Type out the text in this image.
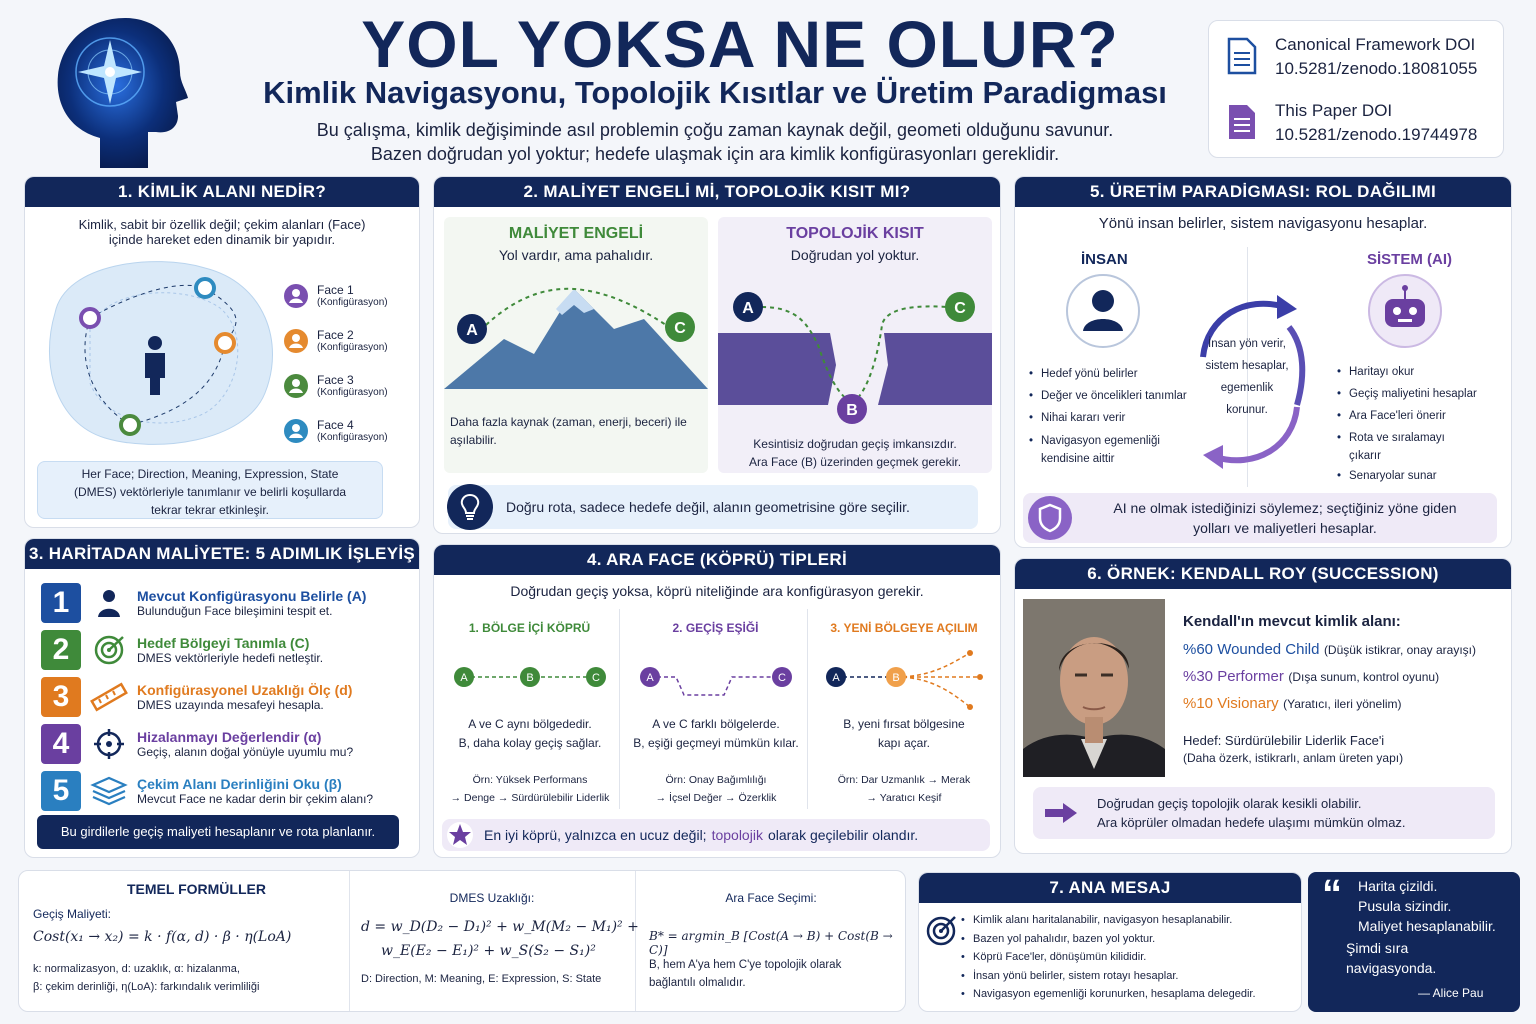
YOL YOKSA NE OLUR?
Kimlik Navigasyonu, Topolojik Kısıtlar ve Üretim Paradigması
Bu çalışma, kimlik değişiminde asıl problemin çoğu zaman kaynak değil, geometi olduğunu savunur.
Bazen doğrudan yol yoktur; hedefe ulaşmak için ara kimlik konfigürasyonları gereklidir.
Canonical Framework DOI
10.5281/zenodo.18081055
This Paper DOI
10.5281/zenodo.19744978
1. KİMLİK ALANI NEDİR?
Kimlik, sabit bir özellik değil; çekim alanları (Face)
içinde hareket eden dinamik bir yapıdır.
Face 1
(Konfigürasyon)
Face 2
(Konfigürasyon)
Face 3
(Konfigürasyon)
Face 4
(Konfigürasyon)
Her Face; Direction, Meaning, Expression, State
(DMES) vektörleriyle tanımlanır ve belirli koşullarda
tekrar tekrar etkinleşir.
2. MALİYET ENGELİ Mİ, TOPOLOJİK KISIT MI?
MALİYET ENGELİ
Yol vardır, ama pahalıdır.
A	C
Daha fazla kaynak (zaman, enerji, beceri) ile
aşılabilir.
TOPOLOJİK KISIT
Doğrudan yol yoktur.
A	C
B
Kesintisiz doğrudan geçiş imkansızdır.
Ara Face (B) üzerinden geçmek gerekir.
Doğru rota, sadece hedefe değil, alanın geometrisine göre seçilir.
3. HARİTADAN MALİYETE: 5 ADIMLIK İŞLEYİŞ
1	Mevcut Konfigürasyonu Belirle (A)
Bulunduğun Face bileşimini tespit et.
2	Hedef Bölgeyi Tanımla (C)
DMES vektörleriyle hedefi netleştir.
3	Konfigürasyonel Uzaklığı Ölç (d)
DMES uzayında mesafeyi hesapla.
4	Hizalanmayı Değerlendir (α)
Geçiş, alanın doğal yönüyle uyumlu mu?
5	Çekim Alanı Derinliğini Oku (β)
Mevcut Face ne kadar derin bir çekim alanı?
Bu girdilerle geçiş maliyeti hesaplanır ve rota planlanır.
4. ARA FACE (KÖPRÜ) TİPLERİ
Doğrudan geçiş yoksa, köprü niteliğinde ara konfigürasyon gerekir.
1. BÖLGE İÇİ KÖPRÜ
A	B	C
A ve C aynı bölgededir.
B, daha kolay geçiş sağlar.
Örn: Yüksek Performans
→ Denge → Sürdürülebilir Liderlik
2. GEÇİŞ EŞİĞİ
A	C
A ve C farklı bölgelerde.
B, eşiği geçmeyi mümkün kılar.
Örn: Onay Bağımlılığı
→ İçsel Değer → Özerklik
3. YENİ BÖLGEYE AÇILIM
A	B
B, yeni fırsat bölgesine
kapı açar.
Örn: Dar Uzmanlık → Merak
→ Yaratıcı Keşif
En iyi köprü, yalnızca en ucuz değil; topolojik olarak geçilebilir olandır.
5. ÜRETİM PARADİGMASI: ROL DAĞILIMI
Yönü insan belirler, sistem navigasyonu hesaplar.
İNSAN	SİSTEM (AI)
• Hedef yönü belirler
• Değer ve öncelikleri tanımlar
• Nihai kararı verir
• Navigasyon egemenliği kendisine aittir
İnsan yön verir,
sistem hesaplar,
egemenlik
korunur.
• Haritayı okur
• Geçiş maliyetini hesaplar
• Ara Face'leri önerir
• Rota ve sıralamayı çıkarır
• Senaryolar sunar
AI ne olmak istediğinizi söylemez; seçtiğiniz yöne giden
yolları ve maliyetleri hesaplar.
6. ÖRNEK: KENDALL ROY (SUCCESSION)
Kendall'ın mevcut kimlik alanı:
%60 Wounded Child (Düşük istikrar, onay arayışı)
%30 Performer (Dışa sunum, kontrol oyunu)
%10 Visionary (Yaratıcı, ileri yönelim)
Hedef: Sürdürülebilir Liderlik Face'i
(Daha özerk, istikrarlı, anlam üreten yapı)
Doğrudan geçiş topolojik olarak kesikli olabilir.
Ara köprüler olmadan hedefe ulaşımı mümkün olmaz.
TEMEL FORMÜLLER
Geçiş Maliyeti:
Cost(x₁ → x₂) = k · f(α, d) · β · η(LoA)
k: normalizasyon, d: uzaklık, α: hizalanma,
β: çekim derinliği, η(LoA): farkındalık verimliliği
DMES Uzaklığı:
d = w_D(D₂ − D₁)² + w_M(M₂ − M₁)² +
w_E(E₂ − E₁)² + w_S(S₂ − S₁)²
D: Direction, M: Meaning, E: Expression, S: State
Ara Face Seçimi:
B* = argmin_B [Cost(A → B) + Cost(B → C)]
B, hem A'ya hem C'ye topolojik olarak
bağlantılı olmalıdır.
7. ANA MESAJ
• Kimlik alanı haritalanabilir, navigasyon hesaplanabilir.
• Bazen yol pahalıdır, bazen yol yoktur.
• Köprü Face'ler, dönüşümün kilididir.
• İnsan yönü belirler, sistem rotayı hesaplar.
• Navigasyon egemenliği korunurken, hesaplama delegedir.
“ Harita çizildi.
Pusula sizindir.
Maliyet hesaplanabilir.
Şimdi sıra
navigasyonda.
— Alice Pau
